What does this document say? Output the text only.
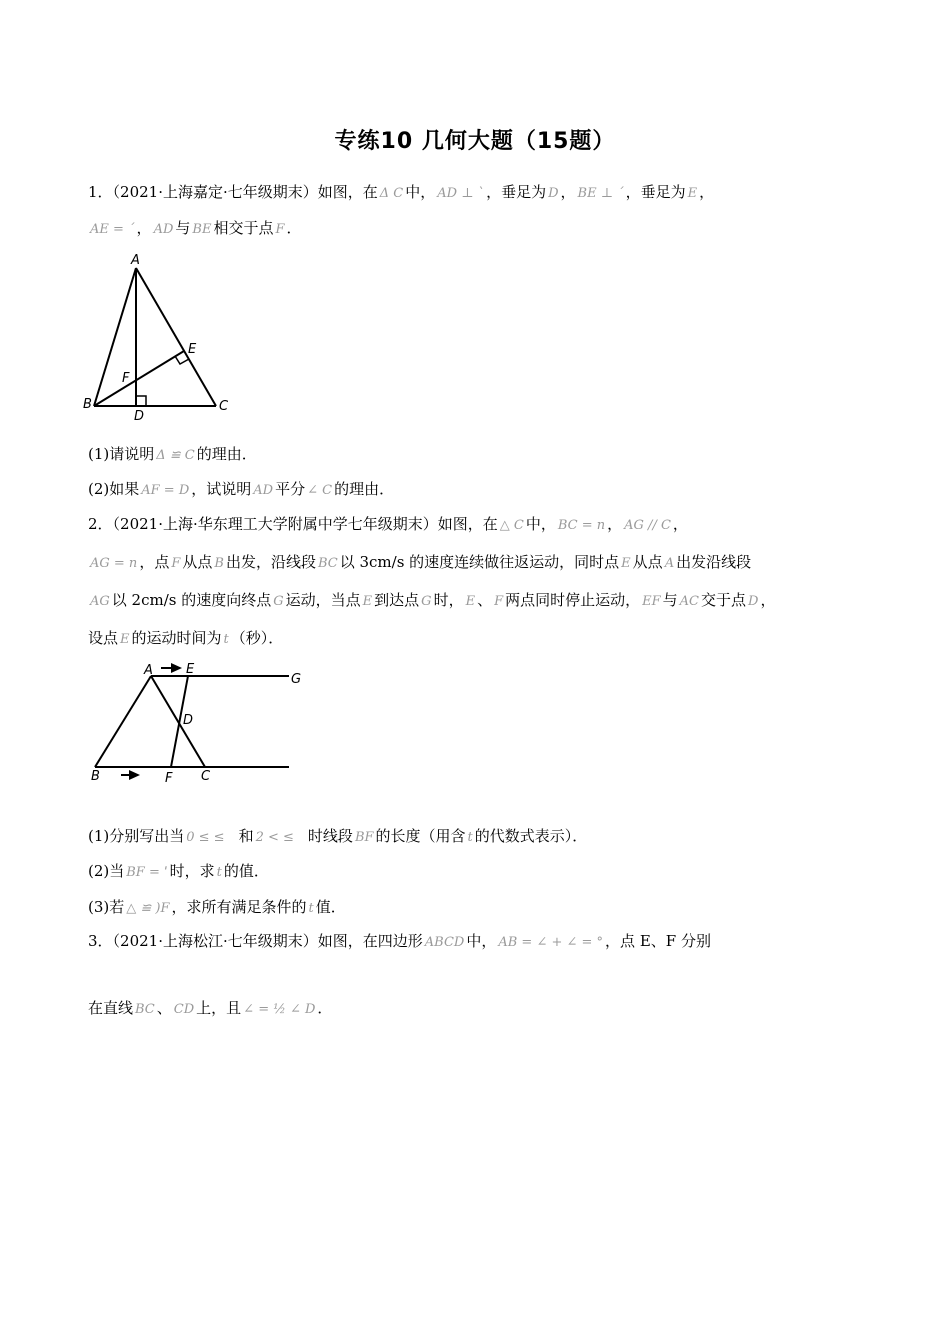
专练10 几何大题（15题）
1．（2021·上海嘉定·七年级期末）如图，在 Δ C 中， AD ⊥ ˋ ，垂足为 D ， BE ⊥ ˊ ，垂足为 E ，
AE = ˊ ， AD 与 BE 相交于点 F ．
A
B	C
D
E
F
(1)请说明 Δ ≌ C 的理由．
(2)如果 AF = D ，试说明 AD 平分 ∠ C 的理由．
2．（2021·上海·华东理工大学附属中学七年级期末）如图，在 △ C 中， BC = n ， AG // C ，
AG = n ，点 F 从点 B 出发，沿线段 BC 以 3cm/s 的速度连续做往返运动，同时点 E 从点 A 出发沿线段
AG 以 2cm/s 的速度向终点 G 运动，当点 E 到达点 G 时， E 、 F 两点同时停止运动， EF 与 AC 交于点 D ，
设点 E 的运动时间为 t （秒）．
A	E
G
D
B	F C
(1)分别写出当 0 ≤ ≤ 和 2 < ≤ 时线段 BF 的长度（用含 t 的代数式表示）．
(2)当 BF = ˈ 时，求 t 的值．
(3)若 △ ≌ )F ，求所有满足条件的 t 值．
3．（2021·上海松江·七年级期末）如图，在四边形 ABCD 中， AB = ∠ + ∠ = ° ，点 E、F 分别
在直线 BC 、 CD 上，且 ∠ = ½ ∠ D ．
